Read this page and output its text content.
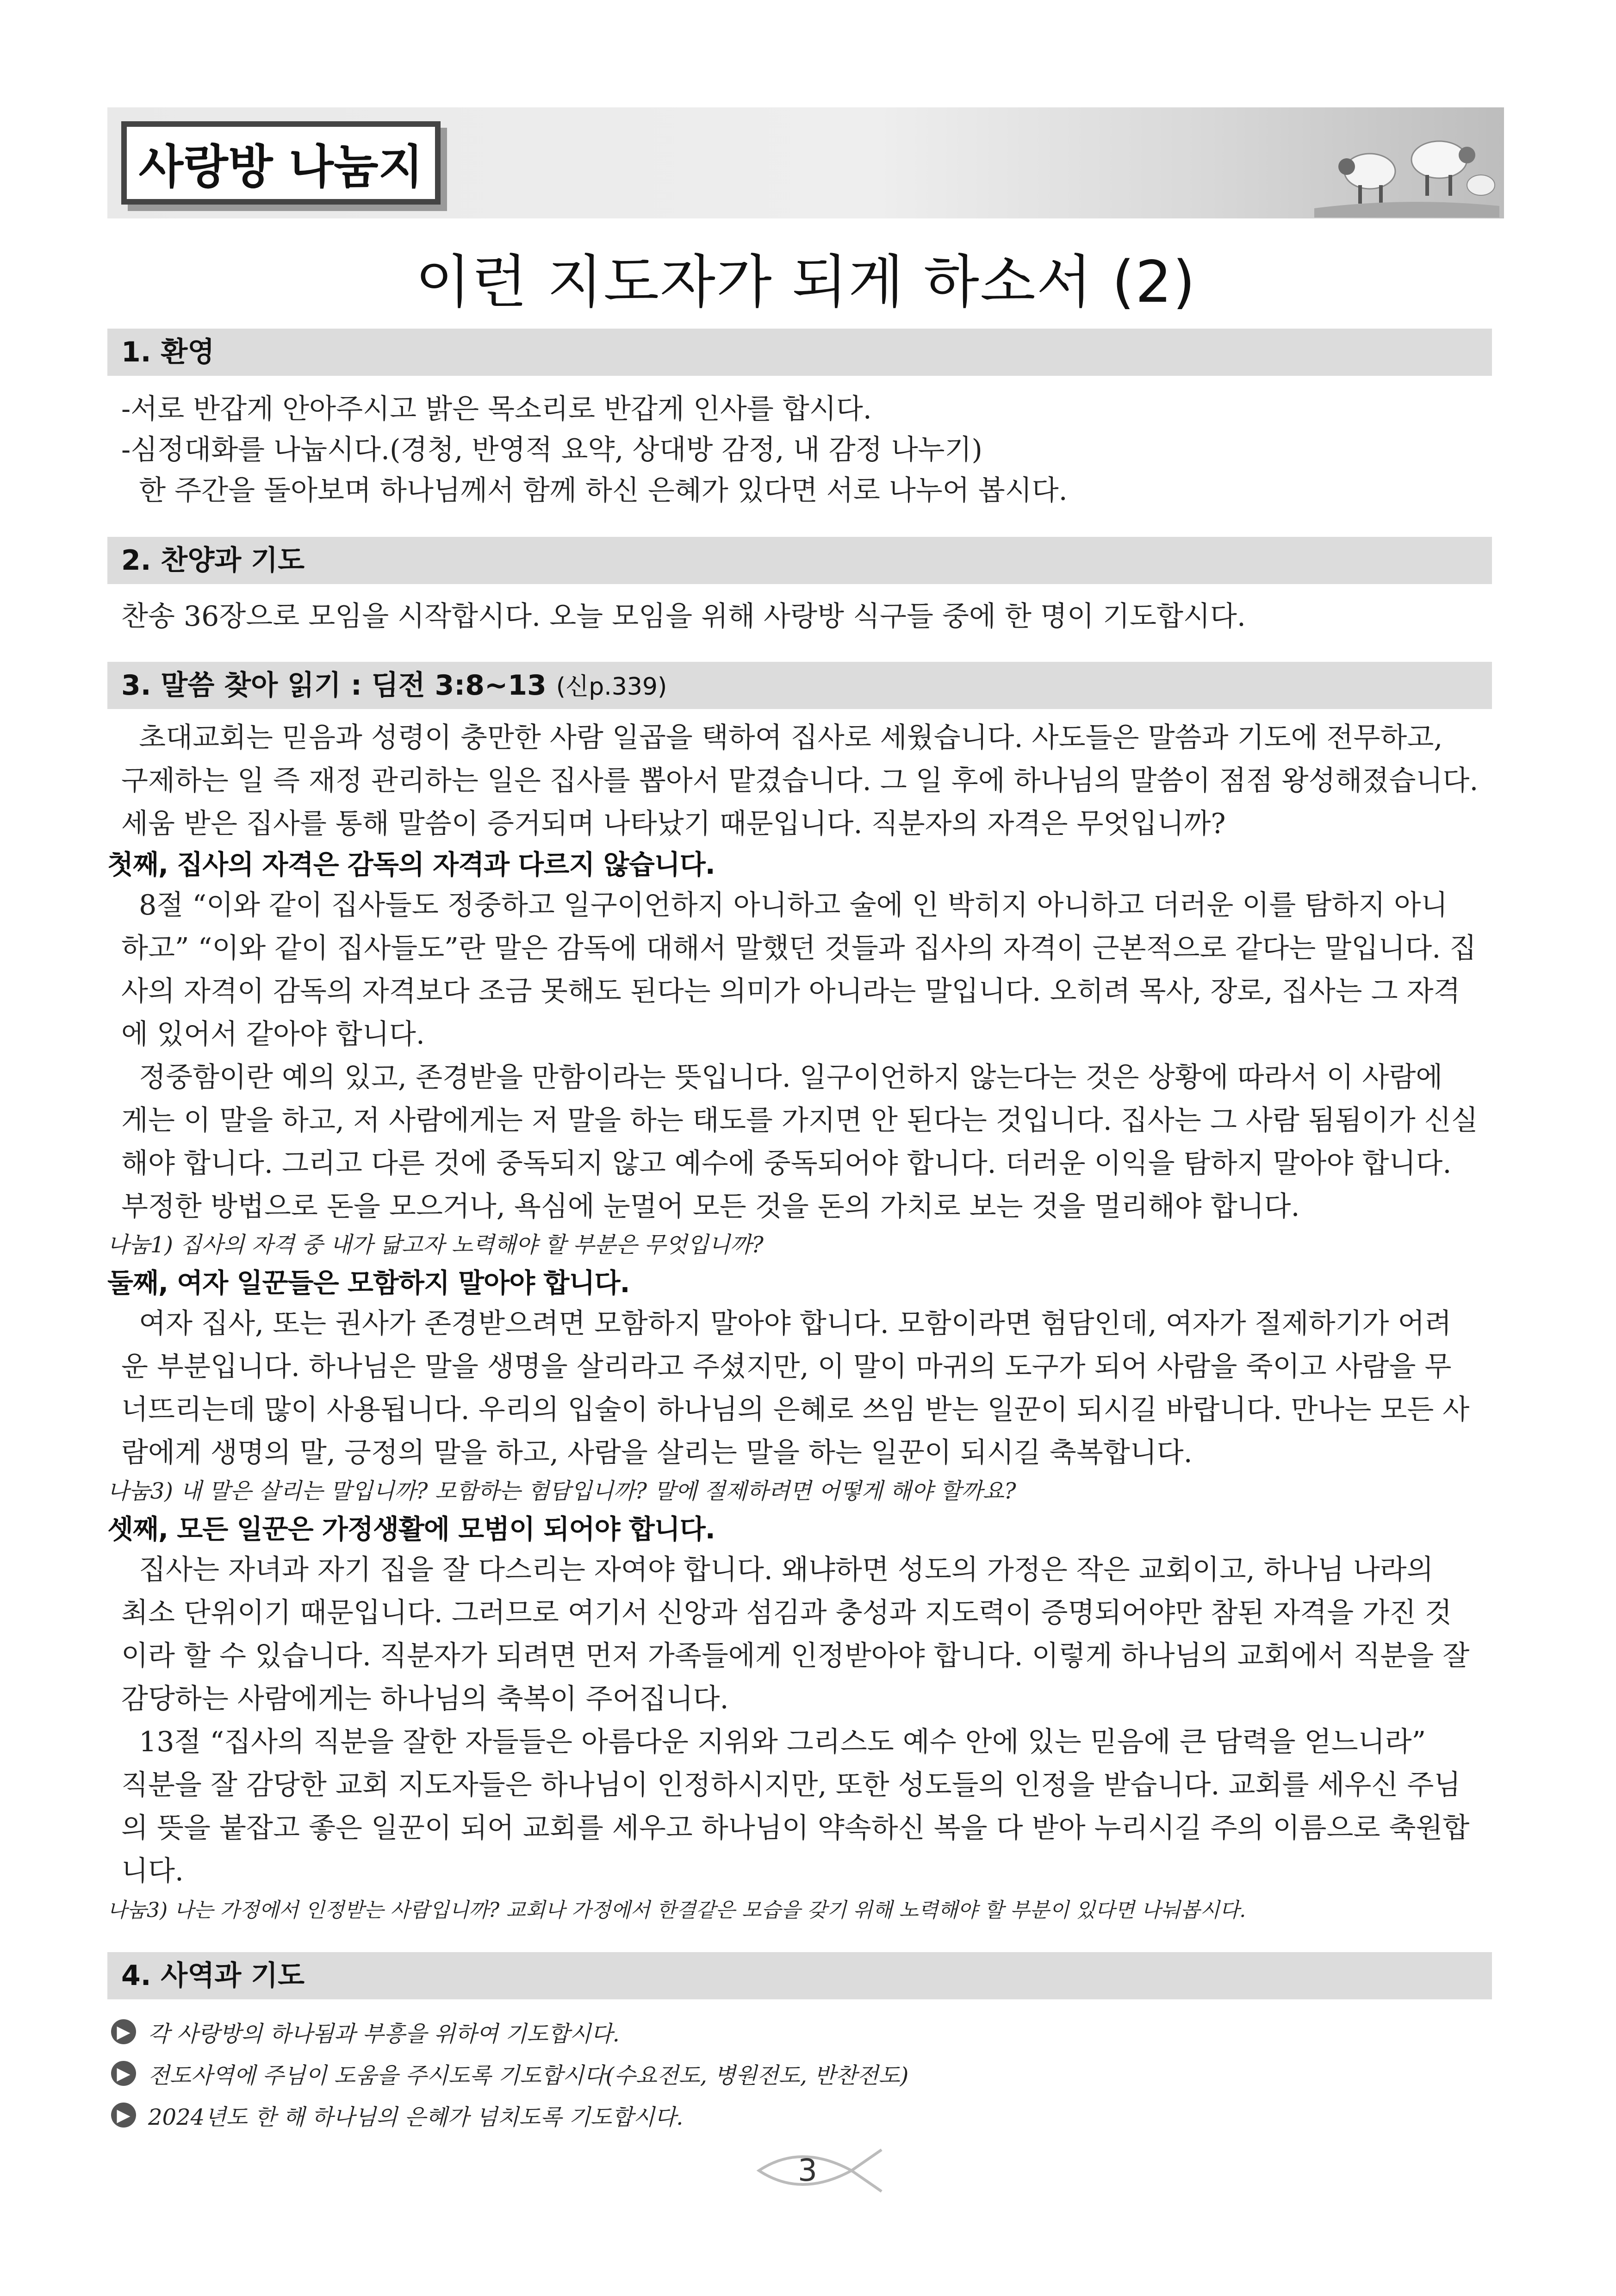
사랑방 나눔지
이런 지도자가 되게 하소서 (2)
1. 환영
-서로 반갑게 안아주시고 밝은 목소리로 반갑게 인사를 합시다.
-심정대화를 나눕시다.(경청, 반영적 요약, 상대방 감정, 내 감정 나누기)
한 주간을 돌아보며 하나님께서 함께 하신 은혜가 있다면 서로 나누어 봅시다.
2. 찬양과 기도
찬송 36장으로 모임을 시작합시다. 오늘 모임을 위해 사랑방 식구들 중에 한 명이 기도합시다.
3. 말씀 찾아 읽기 : 딤전 3:8~13 (신p.339)
초대교회는 믿음과 성령이 충만한 사람 일곱을 택하여 집사로 세웠습니다. 사도들은 말씀과 기도에 전무하고,
구제하는 일 즉 재정 관리하는 일은 집사를 뽑아서 맡겼습니다. 그 일 후에 하나님의 말씀이 점점 왕성해졌습니다.
세움 받은 집사를 통해 말씀이 증거되며 나타났기 때문입니다. 직분자의 자격은 무엇입니까?
첫째, 집사의 자격은 감독의 자격과 다르지 않습니다.
8절 “이와 같이 집사들도 정중하고 일구이언하지 아니하고 술에 인 박히지 아니하고 더러운 이를 탐하지 아니
하고” “이와 같이 집사들도”란 말은 감독에 대해서 말했던 것들과 집사의 자격이 근본적으로 같다는 말입니다. 집
사의 자격이 감독의 자격보다 조금 못해도 된다는 의미가 아니라는 말입니다. 오히려 목사, 장로, 집사는 그 자격
에 있어서 같아야 합니다.
정중함이란 예의 있고, 존경받을 만함이라는 뜻입니다. 일구이언하지 않는다는 것은 상황에 따라서 이 사람에
게는 이 말을 하고, 저 사람에게는 저 말을 하는 태도를 가지면 안 된다는 것입니다. 집사는 그 사람 됨됨이가 신실
해야 합니다. 그리고 다른 것에 중독되지 않고 예수에 중독되어야 합니다. 더러운 이익을 탐하지 말아야 합니다.
부정한 방법으로 돈을 모으거나, 욕심에 눈멀어 모든 것을 돈의 가치로 보는 것을 멀리해야 합니다.
나눔1) 집사의 자격 중 내가 닮고자 노력해야 할 부분은 무엇입니까?
둘째, 여자 일꾼들은 모함하지 말아야 합니다.
여자 집사, 또는 권사가 존경받으려면 모함하지 말아야 합니다. 모함이라면 험담인데, 여자가 절제하기가 어려
운 부분입니다. 하나님은 말을 생명을 살리라고 주셨지만, 이 말이 마귀의 도구가 되어 사람을 죽이고 사람을 무
너뜨리는데 많이 사용됩니다. 우리의 입술이 하나님의 은혜로 쓰임 받는 일꾼이 되시길 바랍니다. 만나는 모든 사
람에게 생명의 말, 긍정의 말을 하고, 사람을 살리는 말을 하는 일꾼이 되시길 축복합니다.
나눔3) 내 말은 살리는 말입니까? 모함하는 험담입니까? 말에 절제하려면 어떻게 해야 할까요?
셋째, 모든 일꾼은 가정생활에 모범이 되어야 합니다.
집사는 자녀과 자기 집을 잘 다스리는 자여야 합니다. 왜냐하면 성도의 가정은 작은 교회이고, 하나님 나라의
최소 단위이기 때문입니다. 그러므로 여기서 신앙과 섬김과 충성과 지도력이 증명되어야만 참된 자격을 가진 것
이라 할 수 있습니다. 직분자가 되려면 먼저 가족들에게 인정받아야 합니다. 이렇게 하나님의 교회에서 직분을 잘
감당하는 사람에게는 하나님의 축복이 주어집니다.
13절 “집사의 직분을 잘한 자들들은 아름다운 지위와 그리스도 예수 안에 있는 믿음에 큰 담력을 얻느니라”
직분을 잘 감당한 교회 지도자들은 하나님이 인정하시지만, 또한 성도들의 인정을 받습니다. 교회를 세우신 주님
의 뜻을 붙잡고 좋은 일꾼이 되어 교회를 세우고 하나님이 약속하신 복을 다 받아 누리시길 주의 이름으로 축원합
니다.
나눔3) 나는 가정에서 인정받는 사람입니까? 교회나 가정에서 한결같은 모습을 갖기 위해 노력해야 할 부분이 있다면 나눠봅시다.
4. 사역과 기도
▶ 각 사랑방의 하나됨과 부흥을 위하여 기도합시다.
▶ 전도사역에 주님이 도움을 주시도록 기도합시다(수요전도, 병원전도, 반찬전도)
▶ 2024년도 한 해 하나님의 은혜가 넘치도록 기도합시다.
3
